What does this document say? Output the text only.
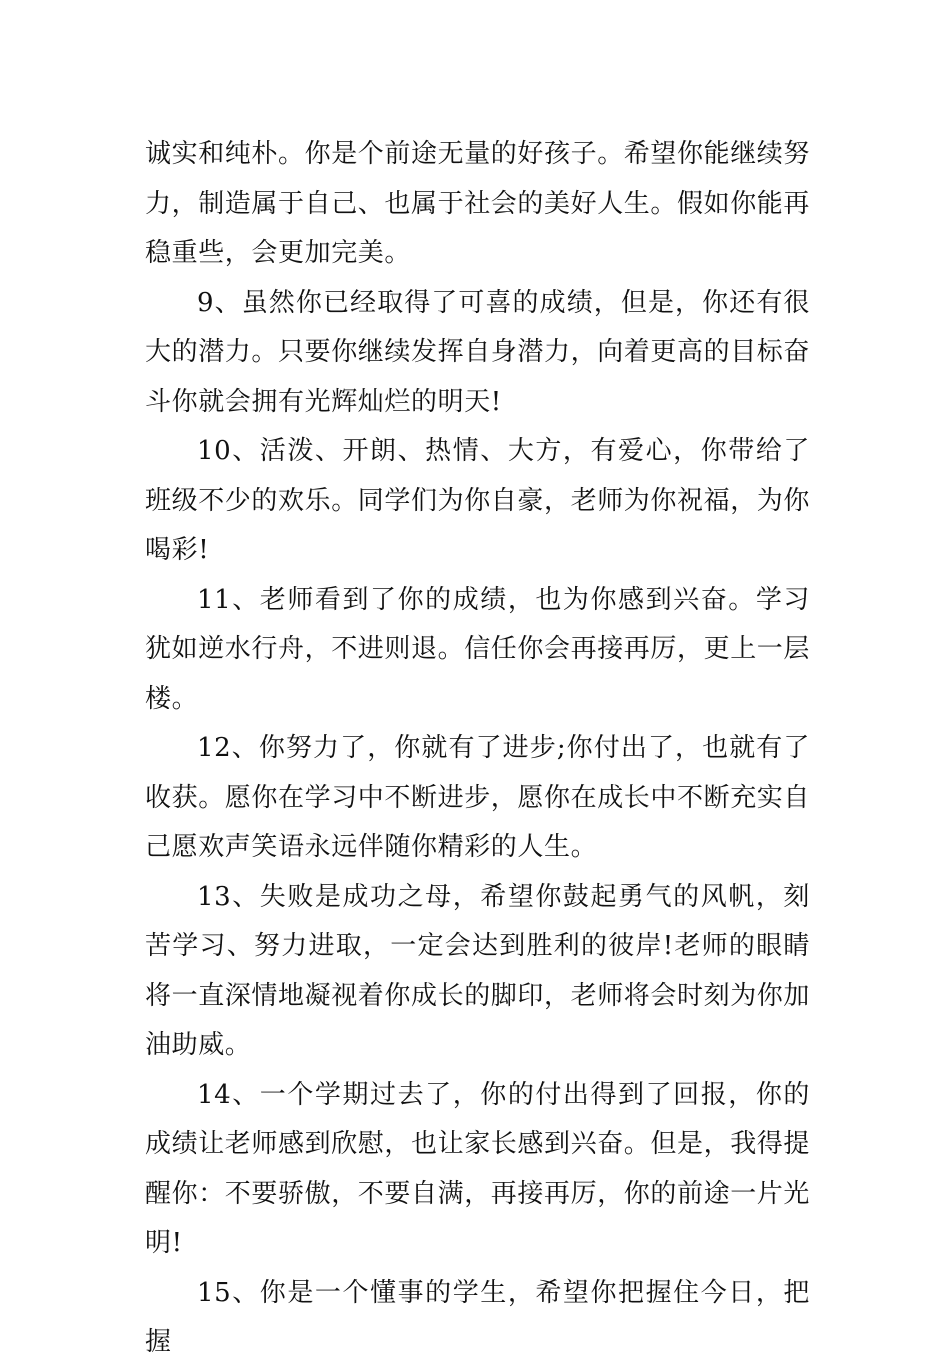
诚实和纯朴。你是个前途无量的好孩子。希望你能继续努力，制造属于自己、也属于社会的美好人生。假如你能再稳重些，会更加完美。

9、虽然你已经取得了可喜的成绩，但是，你还有很大的潜力。只要你继续发挥自身潜力，向着更高的目标奋斗你就会拥有光辉灿烂的明天!

10、活泼、开朗、热情、大方，有爱心，你带给了班级不少的欢乐。同学们为你自豪，老师为你祝福，为你喝彩!

11、老师看到了你的成绩，也为你感到兴奋。学习犹如逆水行舟，不进则退。信任你会再接再厉，更上一层楼。

12、你努力了，你就有了进步;你付出了，也就有了收获。愿你在学习中不断进步，愿你在成长中不断充实自己愿欢声笑语永远伴随你精彩的人生。

13、失败是成功之母，希望你鼓起勇气的风帆，刻苦学习、努力进取，一定会达到胜利的彼岸!老师的眼睛将一直深情地凝视着你成长的脚印，老师将会时刻为你加油助威。

14、一个学期过去了，你的付出得到了回报，你的成绩让老师感到欣慰，也让家长感到兴奋。但是，我得提醒你：不要骄傲，不要自满，再接再厉，你的前途一片光明!

15、你是一个懂事的学生，希望你把握住今日，把握
